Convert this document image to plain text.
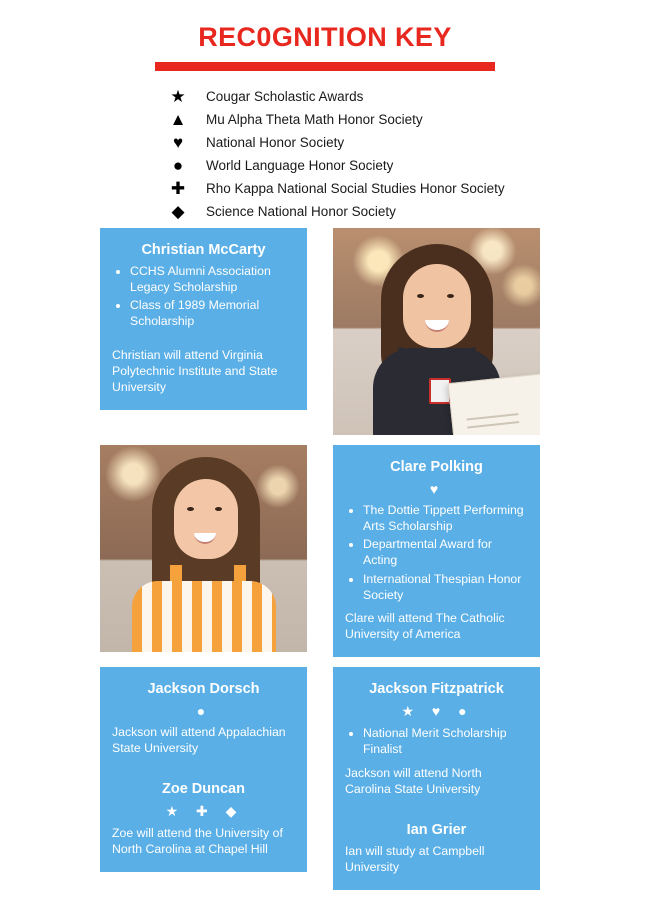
REC0GNITION KEY
★	Cougar Scholastic Awards
▲	Mu Alpha Theta Math Honor Society
♥	National Honor Society
●	World Language Honor Society
✚	Rho Kappa National Social Studies Honor Society
◆	Science National Honor Society
Christian McCarty
• CCHS Alumni Association Legacy Scholarship
• Class of 1989 Memorial Scholarship

Christian will attend Virginia Polytechnic Institute and State University

Clare Polking
♥
• The Dottie Tippett Performing Arts Scholarship
• Departmental Award for Acting
• International Thespian Honor Society

Clare will attend The Catholic University of America

Jackson Dorsch
●

Jackson will attend Appalachian State University

Zoe Duncan
★ ✚ ◆

Zoe will attend the University of North Carolina at Chapel Hill

Jackson Fitzpatrick
★ ♥ ●
• National Merit Scholarship Finalist

Jackson will attend North Carolina State University

Ian Grier

Ian will study at Campbell University
